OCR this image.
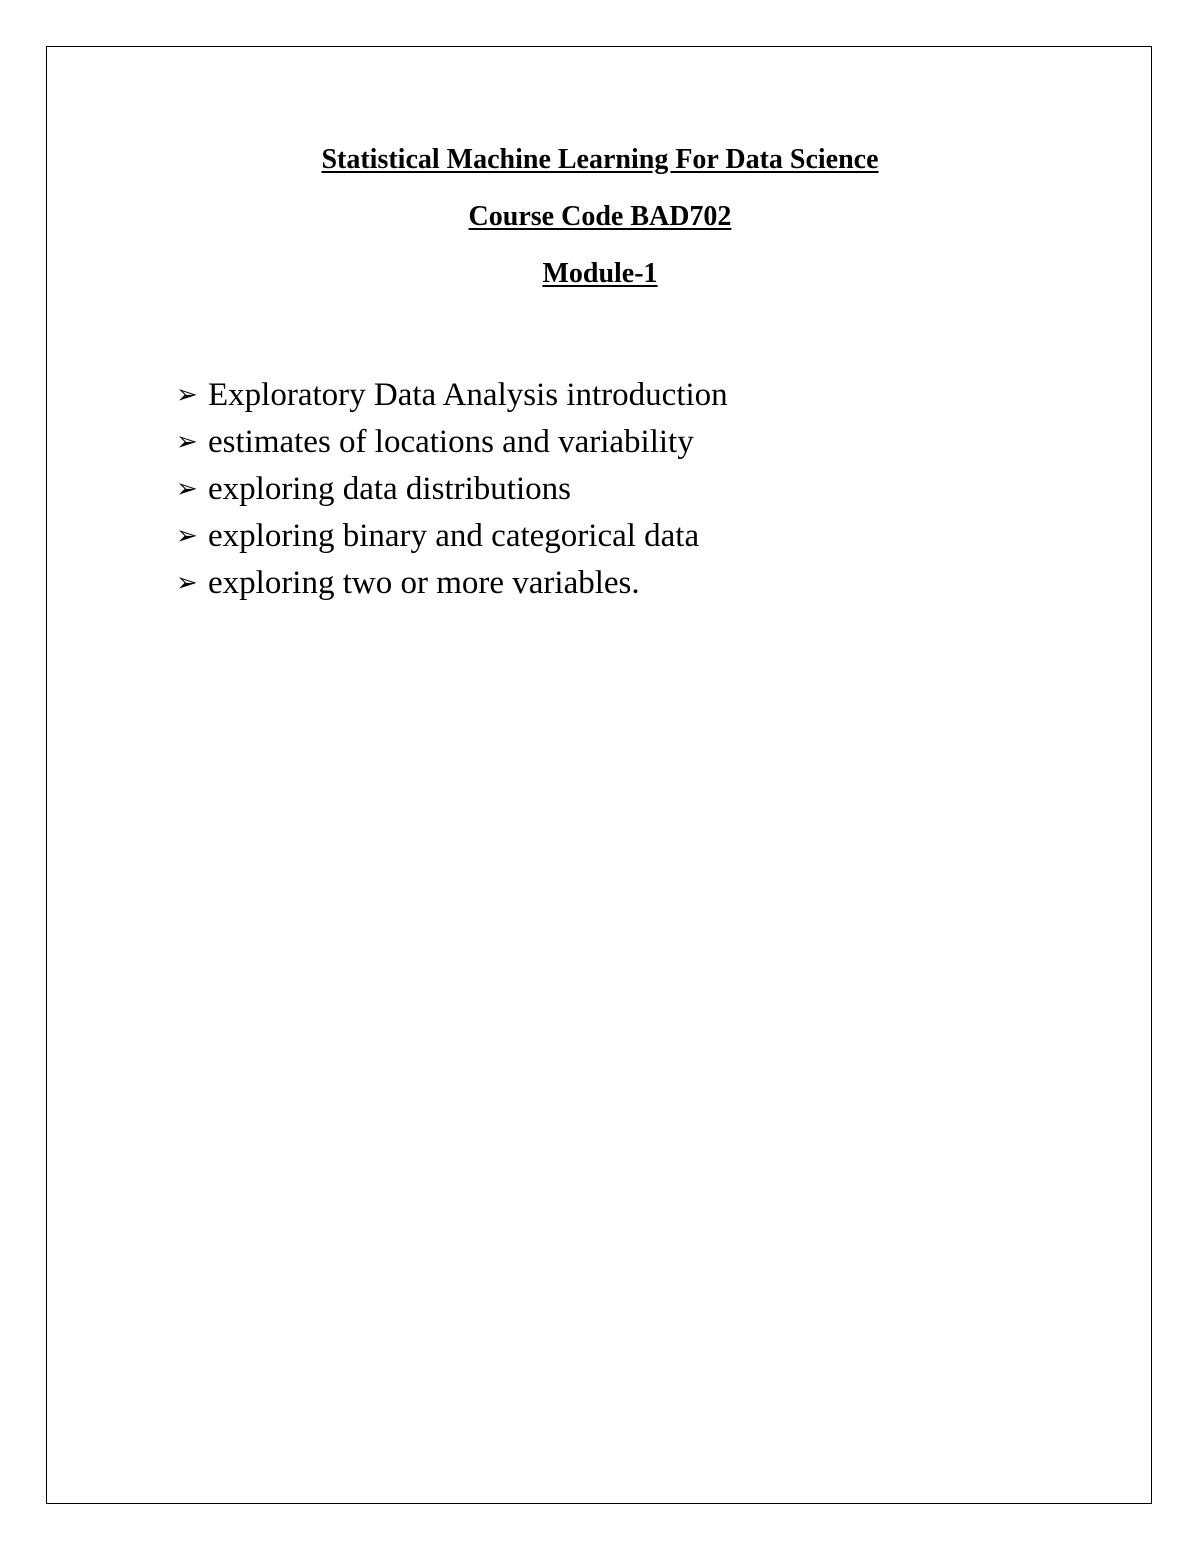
Statistical Machine Learning For Data Science
Course Code BAD702
Module-1
➢ Exploratory Data Analysis introduction
➢ estimates of locations and variability
➢ exploring data distributions
➢ exploring binary and categorical data
➢ exploring two or more variables.
